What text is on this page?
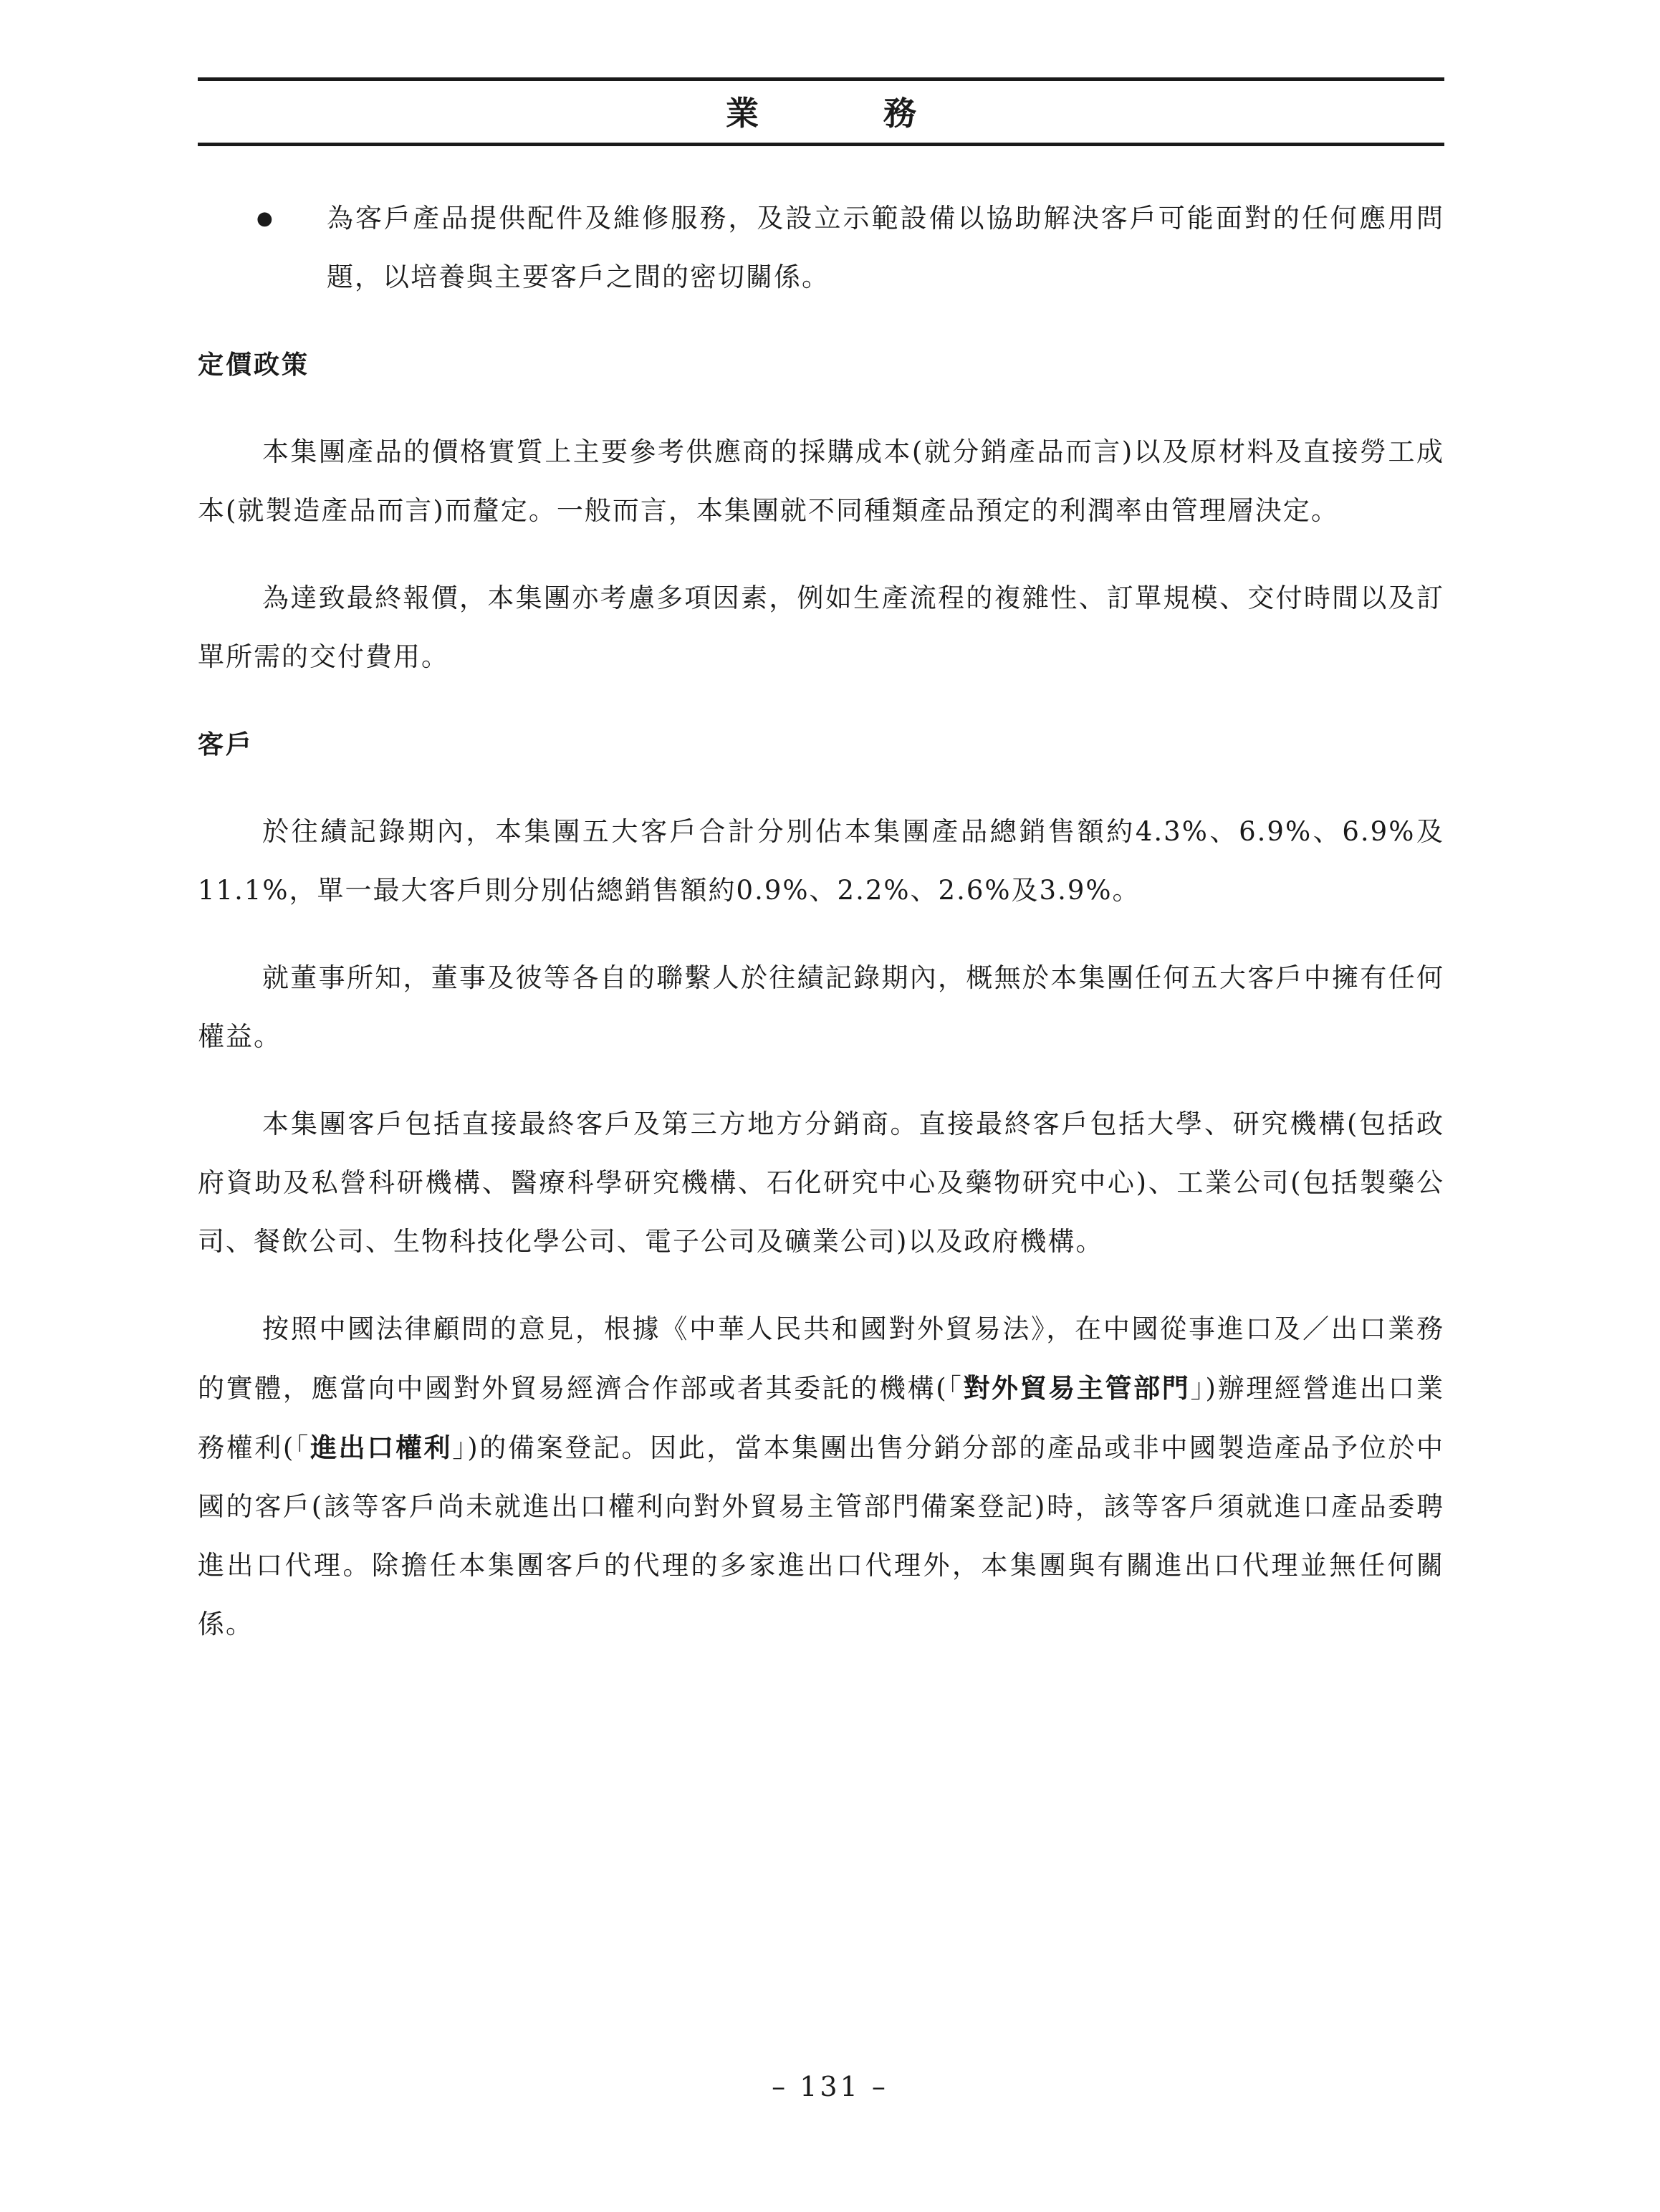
業　務
● 為客戶產品提供配件及維修服務，及設立示範設備以協助解決客戶可能面對的任何應用問題，以培養與主要客戶之間的密切關係。
定價政策
本集團產品的價格實質上主要參考供應商的採購成本(就分銷產品而言)以及原材料及直接勞工成本(就製造產品而言)而釐定。一般而言，本集團就不同種類產品預定的利潤率由管理層決定。
為達致最終報價，本集團亦考慮多項因素，例如生產流程的複雜性、訂單規模、交付時間以及訂單所需的交付費用。
客戶
於往績記錄期內，本集團五大客戶合計分別佔本集團產品總銷售額約4.3%、6.9%、6.9%及11.1%，單一最大客戶則分別佔總銷售額約0.9%、2.2%、2.6%及3.9%。
就董事所知，董事及彼等各自的聯繫人於往績記錄期內，概無於本集團任何五大客戶中擁有任何權益。
本集團客戶包括直接最終客戶及第三方地方分銷商。直接最終客戶包括大學、研究機構(包括政府資助及私營科研機構、醫療科學研究機構、石化研究中心及藥物研究中心)、工業公司(包括製藥公司、餐飲公司、生物科技化學公司、電子公司及礦業公司)以及政府機構。
按照中國法律顧問的意見，根據《中華人民共和國對外貿易法》，在中國從事進口及／出口業務的實體，應當向中國對外貿易經濟合作部或者其委託的機構(「對外貿易主管部門」)辦理經營進出口業務權利(「進出口權利」)的備案登記。因此，當本集團出售分銷分部的產品或非中國製造產品予位於中國的客戶(該等客戶尚未就進出口權利向對外貿易主管部門備案登記)時，該等客戶須就進口產品委聘進出口代理。除擔任本集團客戶的代理的多家進出口代理外，本集團與有關進出口代理並無任何關係。
– 131 –
